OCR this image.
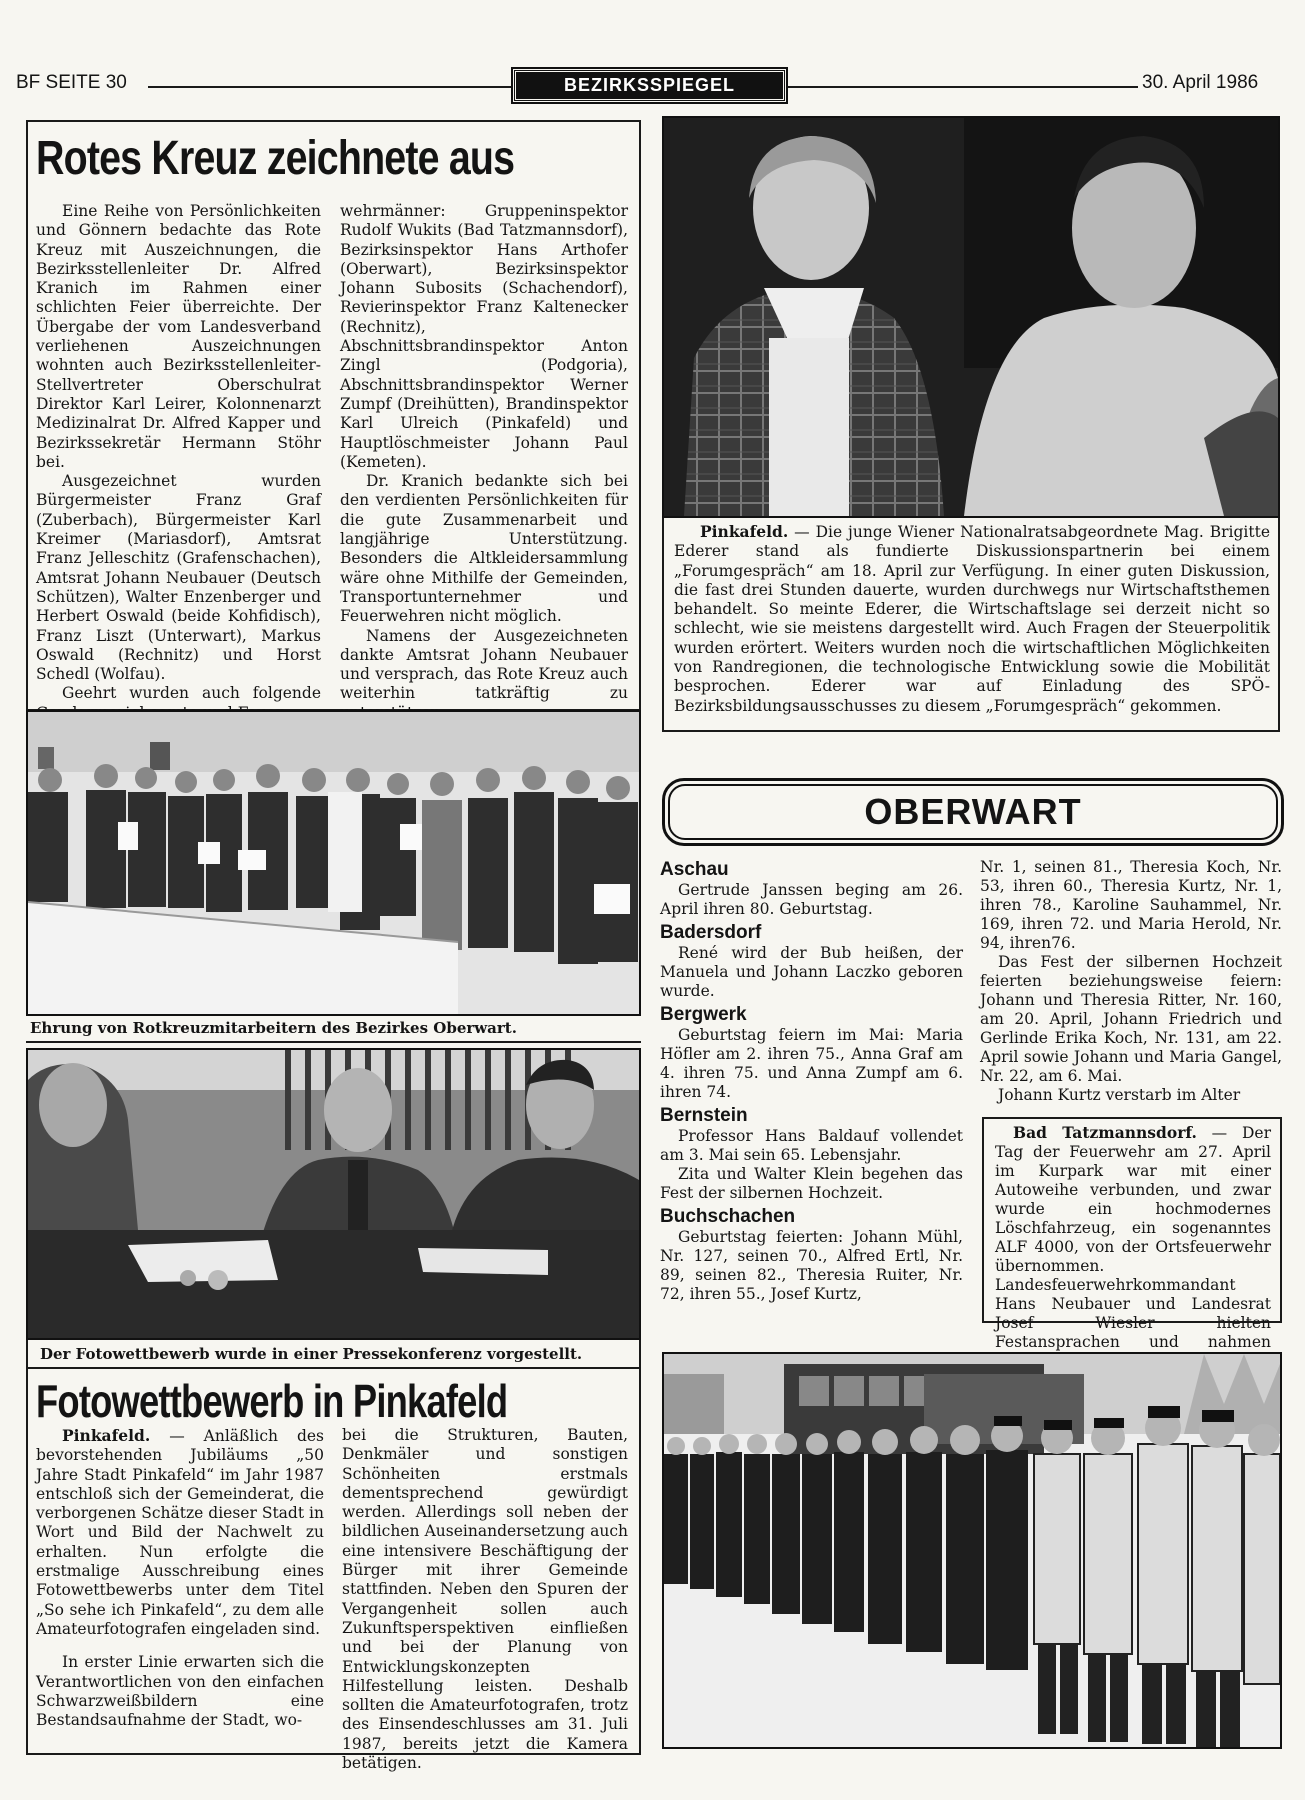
BF SEITE 30	BEZIRKSSPIEGEL	30. April 1986
Rotes Kreuz zeichnete aus

Eine Reihe von Persönlichkeiten und Gönnern bedachte das Rote Kreuz mit Auszeichnungen, die Bezirksstellenleiter Dr. Alfred Kranich im Rahmen einer schlichten Feier überreichte. Der Übergabe der vom Landesverband verliehenen Auszeichnungen wohnten auch Bezirksstellenleiter-Stellvertreter Oberschulrat Direktor Karl Leirer, Kolonnenarzt Medizinalrat Dr. Alfred Kapper und Bezirkssekretär Hermann Stöhr bei.

Ausgezeichnet wurden Bürgermeister Franz Graf (Zuberbach), Bürgermeister Karl Kreimer (Mariasdorf), Amtsrat Franz Jelleschitz (Grafenschachen), Amtsrat Johann Neubauer (Deutsch Schützen), Walter Enzenberger und Herbert Oswald (beide Kohfidisch), Franz Liszt (Unterwart), Markus Oswald (Rechnitz) und Horst Schedl (Wolfau).

Geehrt wurden auch folgende

wehrmänner: Gruppeninspektor Rudolf Wukits (Bad Tatzmannsdorf), Bezirksinspektor Hans Arthofer (Oberwart), Bezirksinspektor Johann Subosits (Schachendorf), Revierinspektor Franz Kaltenecker (Rechnitz), Abschnittsbrandinspektor Anton Zingl (Podgoria), Abschnittsbrandinspektor Werner Zumpf (Dreihütten), Brandinspektor Karl Ulreich (Pinkafeld) und Hauptlöschmeister Johann Paul (Kemeten).

Dr. Kranich bedankte sich bei den verdienten Persönlichkeiten für die gute Zusammenarbeit und langjährige Unterstützung. Besonders die Altkleidersammlung wäre ohne Mithilfe der Gemeinden, Transportunternehmer und Feuerwehren nicht möglich.

Namens der Ausgezeichneten dankte Amtsrat Johann Neubauer und versprach, das Rote Kreuz auch weiterhin tatkräftig zu

Pinkafeld. — Die junge Wiener Nationalratsabgeordnete Mag. Brigitte Ederer stand als fundierte Diskussionspartnerin bei einem „Forumgespräch“ am 18. April zur Verfügung. In einer guten Diskussion, die fast drei Stunden dauerte, wurden durchwegs nur Wirtschaftsthemen behandelt. So meinte Ederer, die Wirtschaftslage sei derzeit nicht so schlecht, wie sie meistens dargestellt wird. Auch Fragen der Steuerpolitik wurden erörtert. Weiters wurden noch die wirtschaftlichen Möglichkeiten von Randregionen, die technologische Entwicklung sowie die Mobilität besprochen. Ederer war auf Einladung des SPÖ-Bezirksbildungsausschusses zu diesem „Forumgespräch“ gekommen.
Ehrung von Rotkreuzmitarbeitern des Bezirkes Oberwart.
Der Fotowettbewerb wurde in einer Pressekonferenz vorgestellt.
Fotowettbewerb in Pinkafeld

Pinkafeld. — Anläßlich des bevorstehenden Jubiläums „50 Jahre Stadt Pinkafeld“ im Jahr 1987 entschloß sich der Gemeinderat, die verborgenen Schätze dieser Stadt in Wort und Bild der Nachwelt zu erhalten. Nun erfolgte die erstmalige Ausschreibung eines Fotowettbewerbs unter dem Titel „So sehe ich Pinkafeld“, zu dem alle Amateurfotografen eingeladen sind.

In erster Linie erwarten sich die Verantwortlichen von den einfachen Schwarzweißbildern eine Bestandsaufnahme der Stadt, wo-

bei die Strukturen, Bauten, Denkmäler und sonstigen Schönheiten erstmals dementsprechend gewürdigt werden. Allerdings soll neben der bildlichen Auseinandersetzung auch eine intensivere Beschäftigung der Bürger mit ihrer Gemeinde stattfinden. Neben den Spuren der Vergangenheit sollen auch Zukunftsperspektiven einfließen und bei der Planung von Entwicklungskonzepten Hilfestellung leisten. Deshalb sollten die Amateurfotografen, trotz des Einsendeschlusses am 31. Juli 1987, bereits jetzt die Kamera betätigen.

OBERWART
Aschau

Gertrude Janssen beging am 26. April ihren 80. Geburtstag.

Badersdorf

René wird der Bub heißen, der Manuela und Johann Laczko geboren wurde.

Bergwerk

Geburtstag feiern im Mai: Maria Höfler am 2. ihren 75., Anna Graf am 4. ihren 75. und Anna Zumpf am 6. ihren 74.

Bernstein

Professor Hans Baldauf vollendet am 3. Mai sein 65. Lebensjahr.

Zita und Walter Klein begehen das Fest der silbernen Hochzeit.

Buchschachen

Geburtstag feierten: Johann Mühl, Nr. 127, seinen 70., Alfred Ertl, Nr. 89, seinen 82., Theresia Ruiter, Nr. 72, ihren 55., Josef Kurtz,

Nr. 1, seinen 81., Theresia Koch, Nr. 53, ihren 60., Theresia Kurtz, Nr. 1, ihren 78., Karoline Sauhammel, Nr. 169, ihren 72. und Maria Herold, Nr. 94, ihren76.

Das Fest der silbernen Hochzeit feierten beziehungsweise feiern: Johann und Theresia Ritter, Nr. 160, am 20. April, Johann Friedrich und Gerlinde Erika Koch, Nr. 131, am 22. April sowie Johann und Maria Gangel, Nr. 22, am 6. Mai.

Johann Kurtz verstarb im Alter

Bad Tatzmannsdorf. — Der Tag der Feuerwehr am 27. April im Kurpark war mit einer Autoweihe verbunden, und zwar wurde ein hochmodernes Löschfahrzeug, ein sogenanntes ALF 4000, von der Ortsfeuerwehr übernommen. Landesfeuerwehrkommandant Hans Neubauer und Landesrat Josef Wiesler hielten Festansprachen und nahmen
